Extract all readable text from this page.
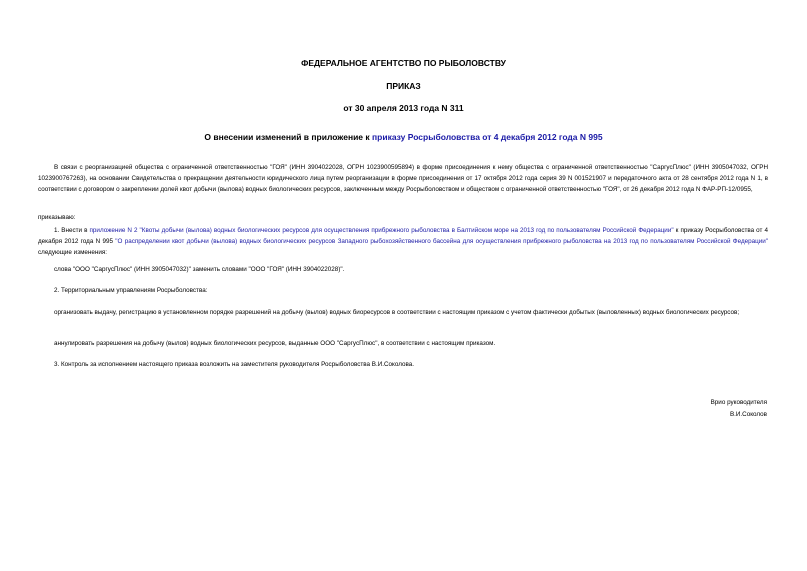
ФЕДЕРАЛЬНОЕ АГЕНТСТВО ПО РЫБОЛОВСТВУ
ПРИКАЗ
от 30 апреля 2013 года N 311
О внесении изменений в приложение к приказу Росрыболовства от 4 декабря 2012 года N 995
В связи с реорганизацией общества с ограниченной ответственностью "ГОЯ" (ИНН 3904022028, ОГРН 1023900595894) в форме присоединения к нему общества с ограниченной ответственностью "СаргусПлюс" (ИНН 3905047032, ОГРН 1023900767263), на основании Свидетельства о прекращении деятельности юридического лица путем реорганизации в форме присоединения от 17 октября 2012 года серия 39 N 001521907 и передаточного акта от 28 сентября 2012 года N 1, в соответствии с договором о закреплении долей квот добычи (вылова) водных биологических ресурсов, заключенным между Росрыболовством и обществом с ограниченной ответственностью "ГОЯ", от 26 декабря 2012 года N ФАР-РП-12/0955,
приказываю:
1. Внести в приложение N 2 "Квоты добычи (вылова) водных биологических ресурсов для осуществления прибрежного рыболовства в Балтийском море на 2013 год по пользователям Российской Федерации" к приказу Росрыболовства от 4 декабря 2012 года N 995 "О распределении квот добычи (вылова) водных биологических ресурсов Западного рыбохозяйственного бассейна для осуществления прибрежного рыболовства на 2013 год по пользователям Российской Федерации" следующие изменения:
слова "ООО "СаргусПлюс" (ИНН 3905047032)" заменить словами "ООО "ГОЯ" (ИНН 3904022028)".
2. Территориальным управлениям Росрыболовства:
организовать выдачу, регистрацию в установленном порядке разрешений на добычу (вылов) водных биоресурсов в соответствии с настоящим приказом с учетом фактически добытых (выловленных) водных биологических ресурсов;
аннулировать разрешения на добычу (вылов) водных биологических ресурсов, выданные ООО "СаргусПлюс", в соответствии с настоящим приказом.
3. Контроль за исполнением настоящего приказа возложить на заместителя руководителя Росрыболовства В.И.Соколова.
Врио руководителя
В.И.Соколов
